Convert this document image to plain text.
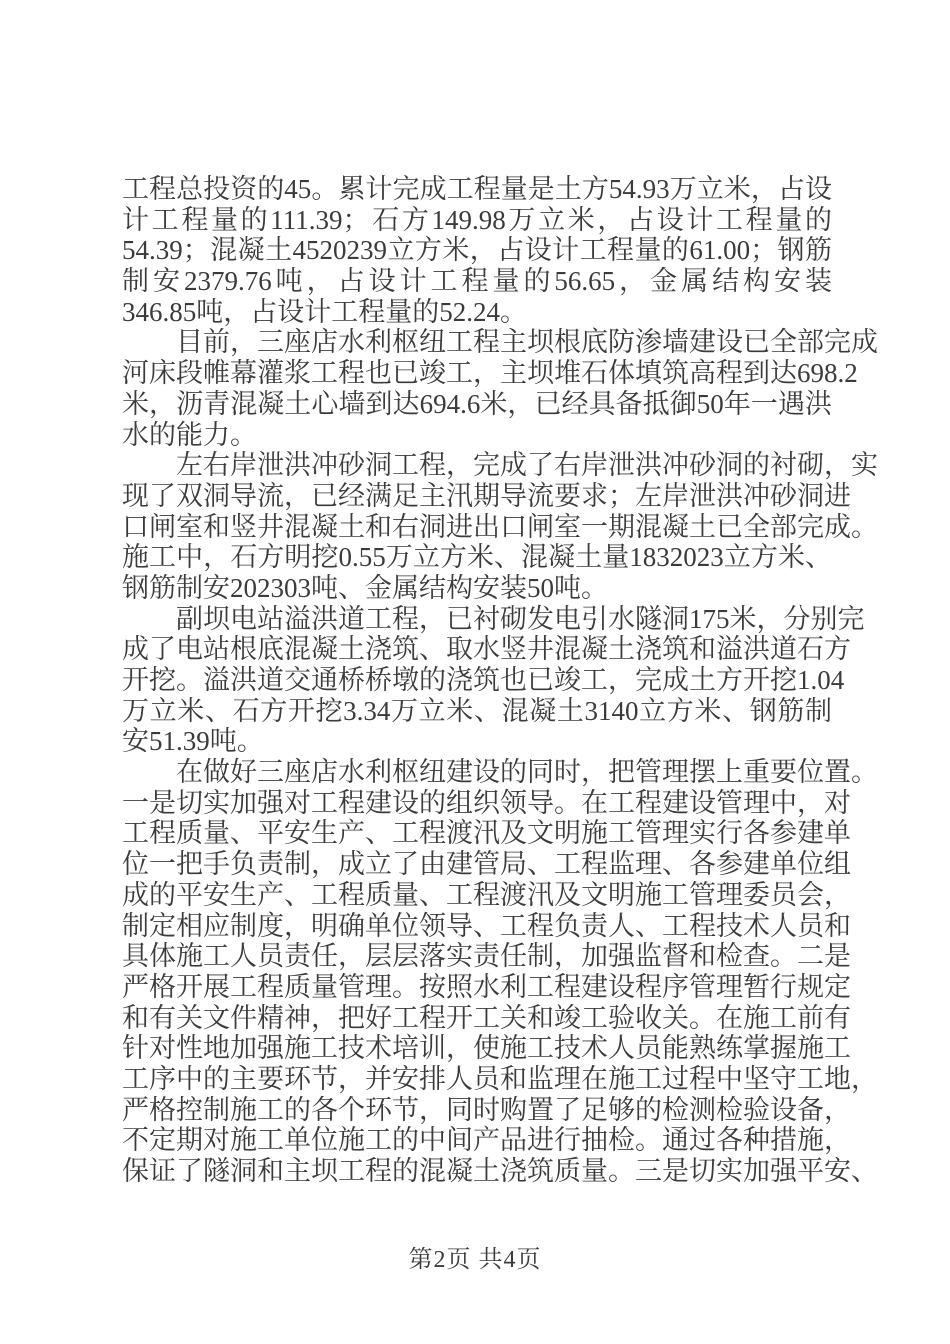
工程总投资的45。累计完成工程量是土方54.93万立米，占设
计工程量的111.39；石方149.98万立米，占设计工程量的
54.39；混凝土4520239立方米，占设计工程量的61.00；钢筋
制安2379.76吨，占设计工程量的56.65，金属结构安装
346.85吨，占设计工程量的52.24。
目前，三座店水利枢纽工程主坝根底防渗墙建设已全部完成
河床段帷幕灌浆工程也已竣工，主坝堆石体填筑高程到达698.2
米，沥青混凝土心墙到达694.6米，已经具备抵御50年一遇洪
水的能力。
左右岸泄洪冲砂洞工程，完成了右岸泄洪冲砂洞的衬砌，实
现了双洞导流，已经满足主汛期导流要求；左岸泄洪冲砂洞进
口闸室和竖井混凝土和右洞进出口闸室一期混凝土已全部完成。
施工中，石方明挖0.55万立方米、混凝土量1832023立方米、
钢筋制安202303吨、金属结构安装50吨。
副坝电站溢洪道工程，已衬砌发电引水隧洞175米，分别完
成了电站根底混凝土浇筑、取水竖井混凝土浇筑和溢洪道石方
开挖。溢洪道交通桥桥墩的浇筑也已竣工，完成土方开挖1.04
万立米、石方开挖3.34万立米、混凝土3140立方米、钢筋制
安51.39吨。
在做好三座店水利枢纽建设的同时，把管理摆上重要位置。
一是切实加强对工程建设的组织领导。在工程建设管理中，对
工程质量、平安生产、工程渡汛及文明施工管理实行各参建单
位一把手负责制，成立了由建管局、工程监理、各参建单位组
成的平安生产、工程质量、工程渡汛及文明施工管理委员会，
制定相应制度，明确单位领导、工程负责人、工程技术人员和
具体施工人员责任，层层落实责任制，加强监督和检查。二是
严格开展工程质量管理。按照水利工程建设程序管理暂行规定
和有关文件精神，把好工程开工关和竣工验收关。在施工前有
针对性地加强施工技术培训，使施工技术人员能熟练掌握施工
工序中的主要环节，并安排人员和监理在施工过程中坚守工地，
严格控制施工的各个环节，同时购置了足够的检测检验设备，
不定期对施工单位施工的中间产品进行抽检。通过各种措施，
保证了隧洞和主坝工程的混凝土浇筑质量。三是切实加强平安、
第2页 共4页
